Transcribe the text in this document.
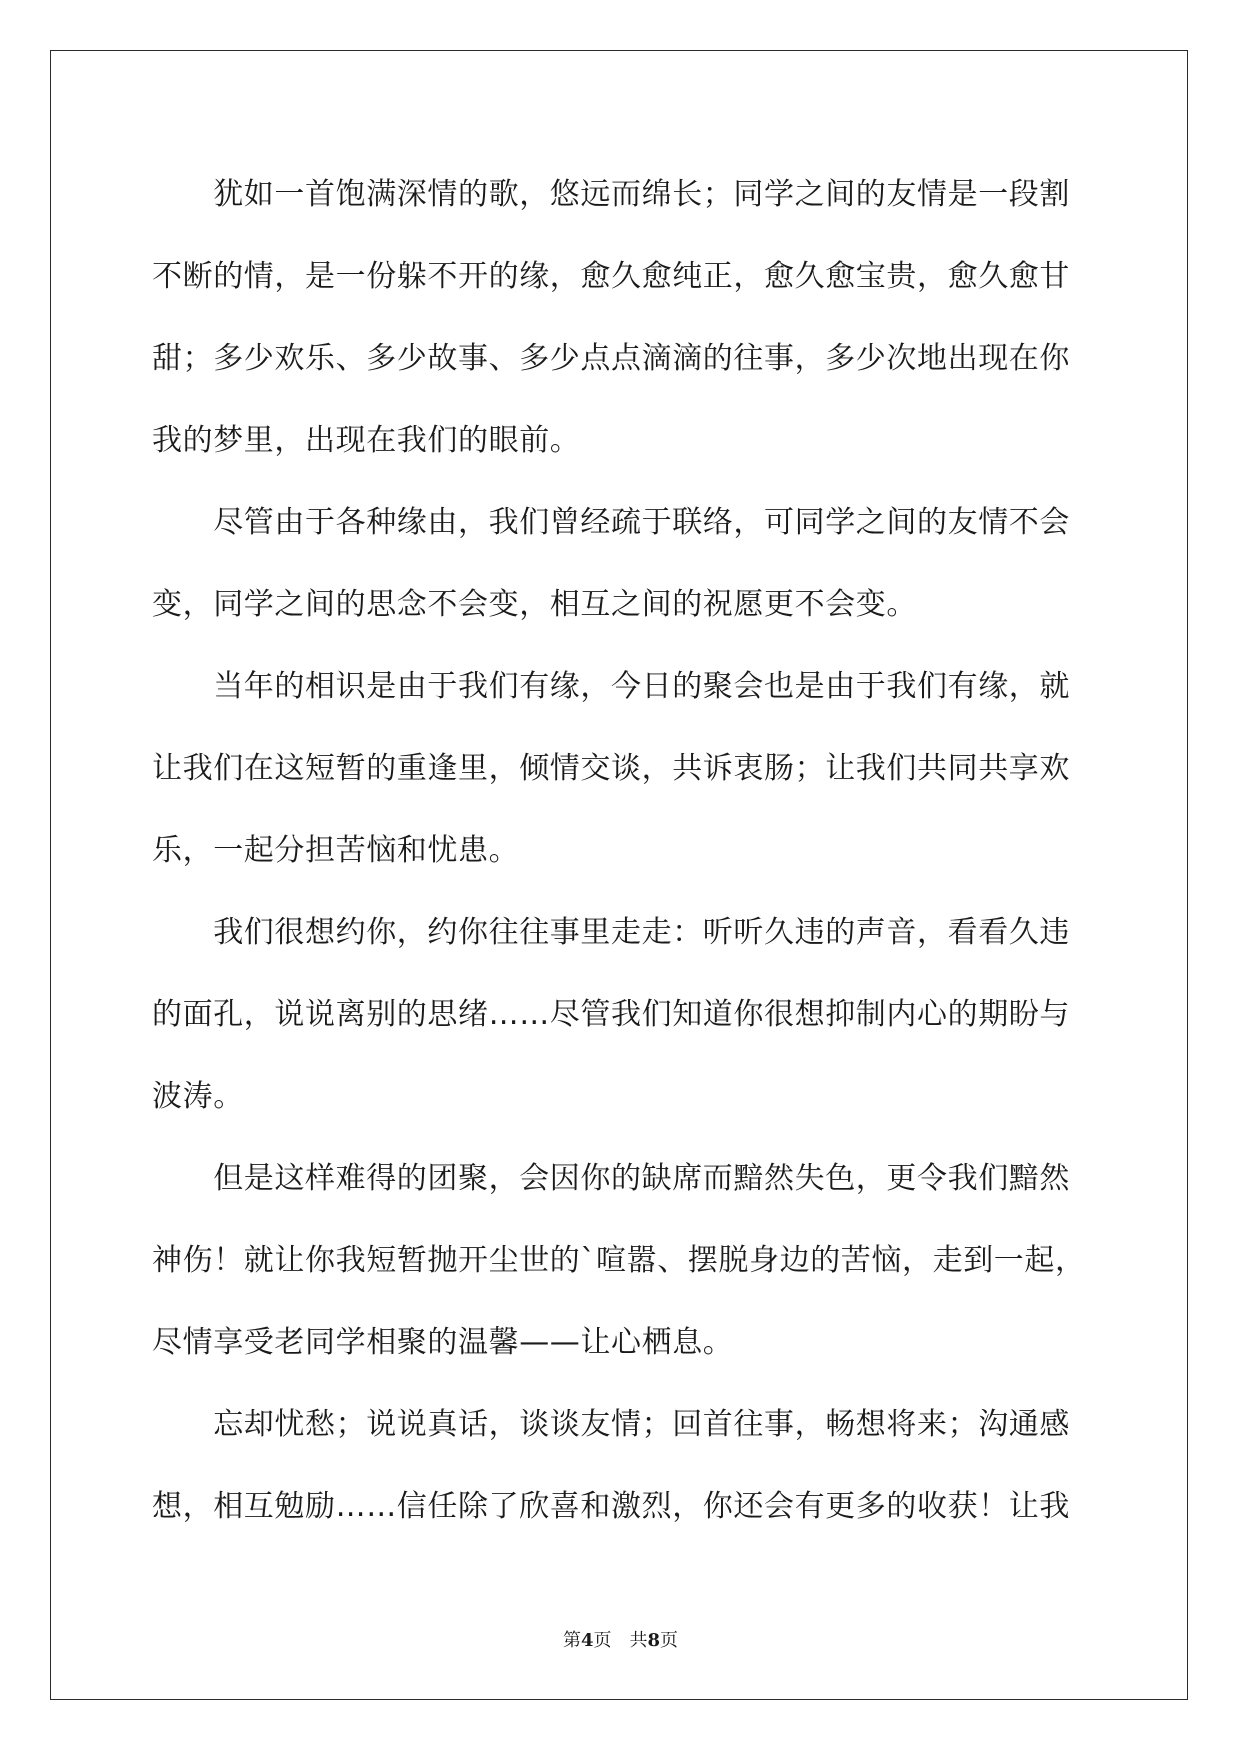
　　犹如一首饱满深情的歌，悠远而绵长；同学之间的友情是一段割
不断的情，是一份躲不开的缘，愈久愈纯正，愈久愈宝贵，愈久愈甘
甜；多少欢乐、多少故事、多少点点滴滴的往事，多少次地出现在你
我的梦里，出现在我们的眼前。
　　尽管由于各种缘由，我们曾经疏于联络，可同学之间的友情不会
变，同学之间的思念不会变，相互之间的祝愿更不会变。
　　当年的相识是由于我们有缘，今日的聚会也是由于我们有缘，就
让我们在这短暂的重逢里，倾情交谈，共诉衷肠；让我们共同共享欢
乐，一起分担苦恼和忧患。
　　我们很想约你，约你往往事里走走：听听久违的声音，看看久违
的面孔，说说离别的思绪……尽管我们知道你很想抑制内心的期盼与
波涛。
　　但是这样难得的团聚，会因你的缺席而黯然失色，更令我们黯然
神伤！就让你我短暂抛开尘世的`喧嚣、摆脱身边的苦恼，走到一起，
尽情享受老同学相聚的温馨——让心栖息。
　　忘却忧愁；说说真话，谈谈友情；回首往事，畅想将来；沟通感
想，相互勉励……信任除了欣喜和激烈，你还会有更多的收获！让我
第4页 共8页
